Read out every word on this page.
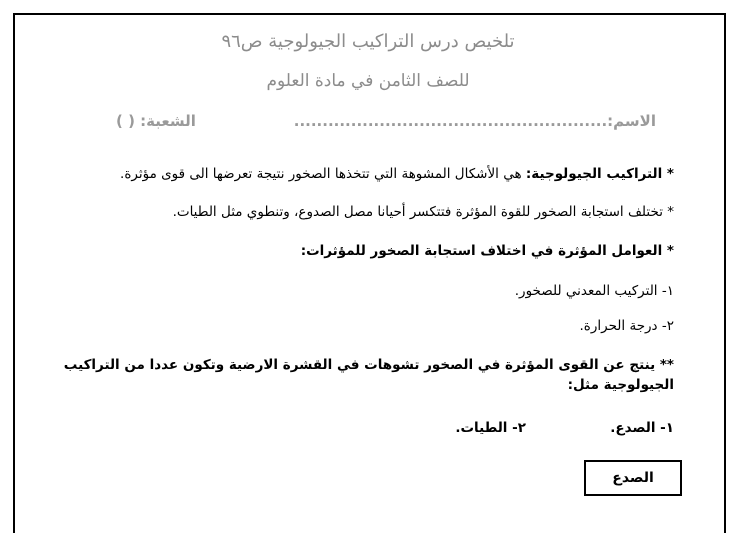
تلخيص درس التراكيب الجيولوجية ص٩٦
للصف الثامن في مادة العلوم
الاسم:.......................................................
الشعبة: ( )
* التراكيب الجيولوجية: هي الأشكال المشوهة التي تتخذها الصخور نتيجة تعرضها الى قوى مؤثرة.
* تختلف استجابة الصخور للقوة المؤثرة فتتكسر أحيانا مصل الصدوع، وتنطوي مثل الطيات.
* العوامل المؤثرة في اختلاف استجابة الصخور للمؤثرات:
١- التركيب المعدني للصخور.
٢- درجة الحرارة.
** ينتج عن القوى المؤثرة في الصخور تشوهات في القشرة الارضية وتكون عددا من التراكيب الجيولوجية مثل:
١- الصدع.
٢- الطيات.
الصدع
